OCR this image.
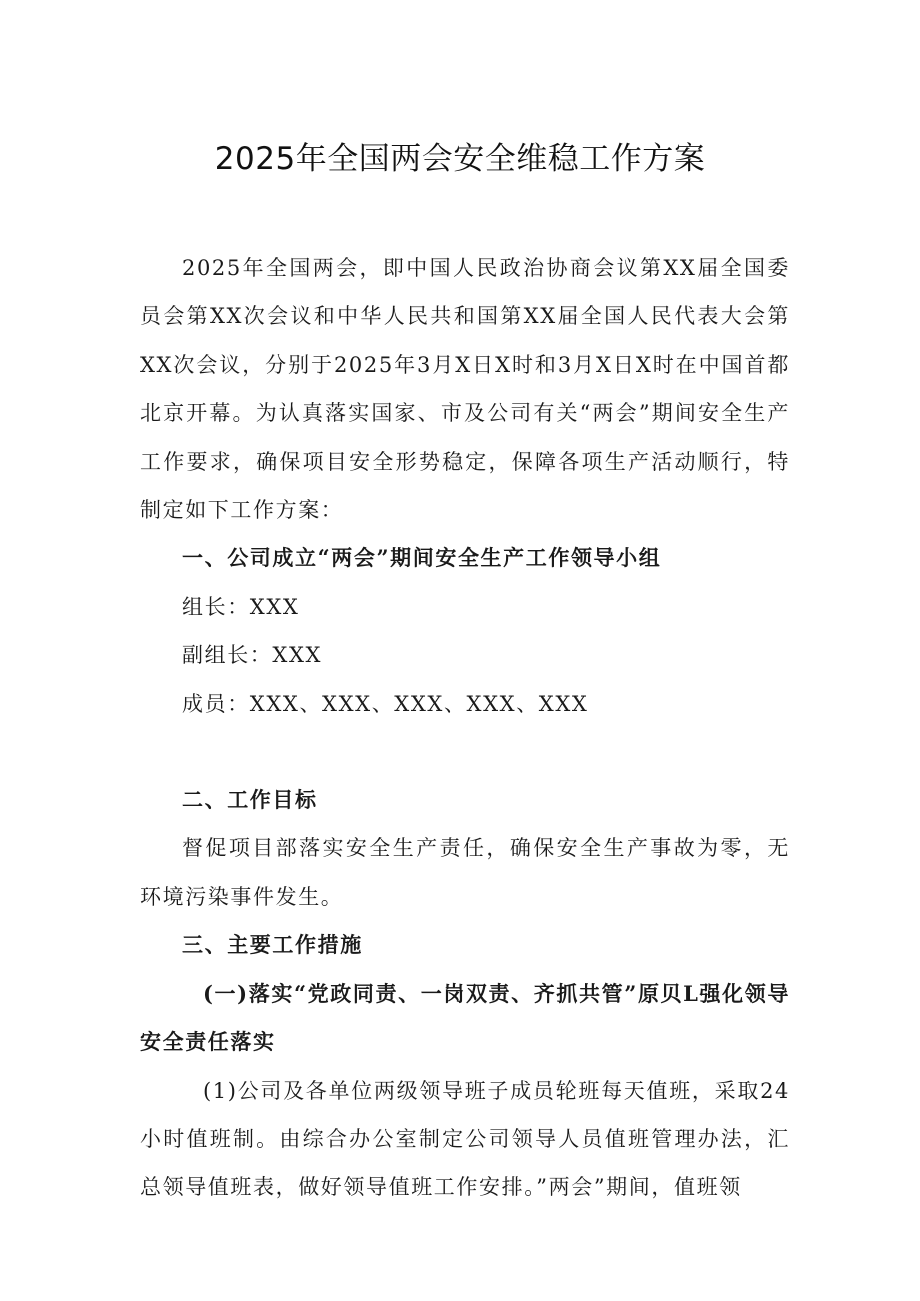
2025年全国两会安全维稳工作方案

2025年全国两会，即中国人民政治协商会议第XX届全国委员会第XX次会议和中华人民共和国第XX届全国人民代表大会第XX次会议，分别于2025年3月X日X时和3月X日X时在中国首都北京开幕。为认真落实国家、市及公司有关“两会”期间安全生产工作要求，确保项目安全形势稳定，保障各项生产活动顺行，特制定如下工作方案：

一、公司成立“两会”期间安全生产工作领导小组

组长：XXX

副组长：XXX

成员：XXX、XXX、XXX、XXX、XXX

二、工作目标

督促项目部落实安全生产责任，确保安全生产事故为零，无环境污染事件发生。

三、主要工作措施

(一)落实“党政同责、一岗双责、齐抓共管”原贝L强化领导安全责任落实

(1)公司及各单位两级领导班子成员轮班每天值班，采取24小时值班制。由综合办公室制定公司领导人员值班管理办法，汇总领导值班表，做好领导值班工作安排。”两会”期间，值班领
